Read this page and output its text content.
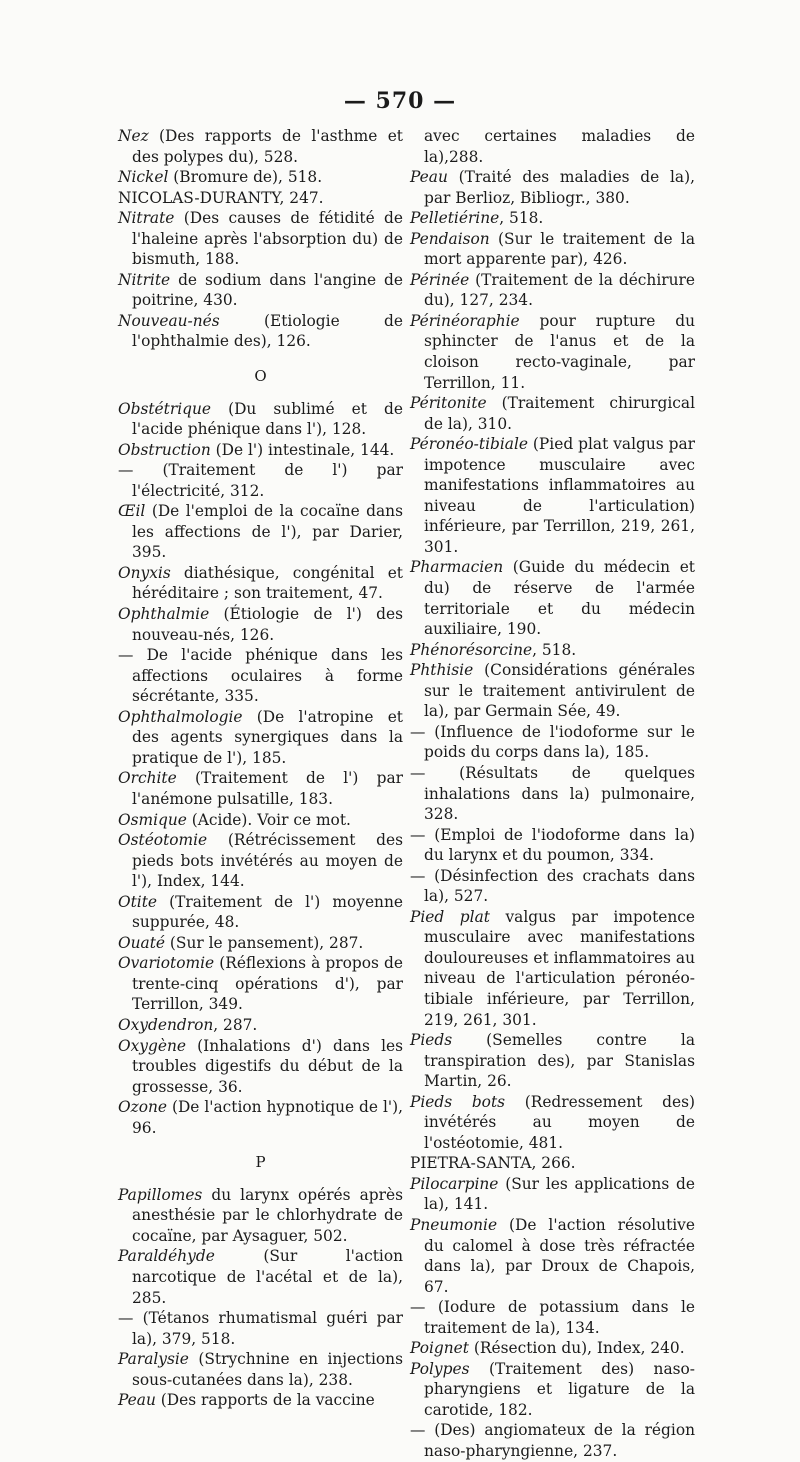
— 570 —

Nez (Des rapports de l'asthme et des polypes du), 528.

Nickel (Bromure de), 518.

NICOLAS-DURANTY, 247.

Nitrate (Des causes de fétidité de l'haleine après l'absorption du) de bismuth, 188.

Nitrite de sodium dans l'angine de poitrine, 430.

Nouveau-nés (Etiologie de l'ophthalmie des), 126.

O

Obstétrique (Du sublimé et de l'acide phénique dans l'), 128.

Obstruction (De l') intestinale, 144.

— (Traitement de l') par l'électricité, 312.

Œil (De l'emploi de la cocaïne dans les affections de l'), par Darier, 395.

Onyxis diathésique, congénital et héréditaire ; son traitement, 47.

Ophthalmie (Étiologie de l') des nouveau-nés, 126.

— De l'acide phénique dans les affections oculaires à forme sécrétante, 335.

Ophthalmologie (De l'atropine et des agents synergiques dans la pratique de l'), 185.

Orchite (Traitement de l') par l'anémone pulsatille, 183.

Osmique (Acide). Voir ce mot.

Ostéotomie (Rétrécissement des pieds bots invétérés au moyen de l'), Index, 144.

Otite (Traitement de l') moyenne suppurée, 48.

Ouaté (Sur le pansement), 287.

Ovariotomie (Réflexions à propos de trente-cinq opérations d'), par Terrillon, 349.

Oxydendron, 287.

Oxygène (Inhalations d') dans les troubles digestifs du début de la grossesse, 36.

Ozone (De l'action hypnotique de l'), 96.

P

Papillomes du larynx opérés après anesthésie par le chlorhydrate de cocaïne, par Aysaguer, 502.

Paraldéhyde (Sur l'action narcotique de l'acétal et de la), 285.

— (Tétanos rhumatismal guéri par la), 379, 518.

Paralysie (Strychnine en injections sous-cutanées dans la), 238.

Peau (Des rapports de la vaccine

avec certaines maladies de la),288.

Peau (Traité des maladies de la), par Berlioz, Bibliogr., 380.

Pelletiérine, 518.

Pendaison (Sur le traitement de la mort apparente par), 426.

Périnée (Traitement de la déchirure du), 127, 234.

Périnéoraphie pour rupture du sphincter de l'anus et de la cloison recto-vaginale, par Terrillon, 11.

Péritonite (Traitement chirurgical de la), 310.

Péronéo-tibiale (Pied plat valgus par impotence musculaire avec manifestations inflammatoires au niveau de l'articulation) inférieure, par Terrillon, 219, 261, 301.

Pharmacien (Guide du médecin et du) de réserve de l'armée territoriale et du médecin auxiliaire, 190.

Phénorésorcine, 518.

Phthisie (Considérations générales sur le traitement antivirulent de la), par Germain Sée, 49.

— (Influence de l'iodoforme sur le poids du corps dans la), 185.

— (Résultats de quelques inhalations dans la) pulmonaire, 328.

— (Emploi de l'iodoforme dans la) du larynx et du poumon, 334.

— (Désinfection des crachats dans la), 527.

Pied plat valgus par impotence musculaire avec manifestations douloureuses et inflammatoires au niveau de l'articulation péronéo-tibiale inférieure, par Terrillon, 219, 261, 301.

Pieds (Semelles contre la transpiration des), par Stanislas Martin, 26.

Pieds bots (Redressement des) invétérés au moyen de l'ostéotomie, 481.

PIETRA-SANTA, 266.

Pilocarpine (Sur les applications de la), 141.

Pneumonie (De l'action résolutive du calomel à dose très réfractée dans la), par Droux de Chapois, 67.

— (Iodure de potassium dans le traitement de la), 134.

Poignet (Résection du), Index, 240.

Polypes (Traitement des) naso-pharyngiens et ligature de la carotide, 182.

— (Des) angiomateux de la région naso-pharyngienne, 237.
